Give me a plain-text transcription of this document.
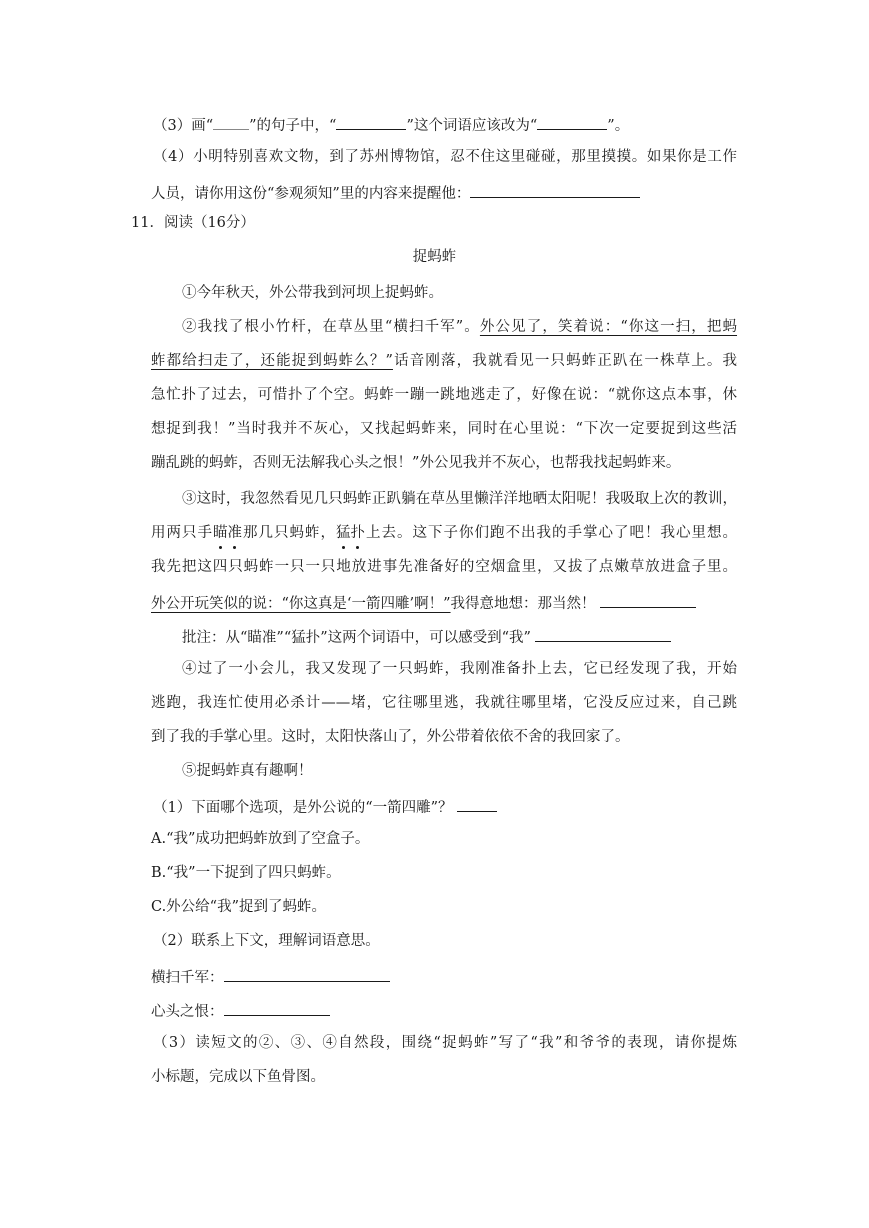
（3）画“ ”的句子中，“	”这个词语应该改为“	”。
（4）小明特别喜欢文物，到了苏州博物馆，忍不住这里碰碰，那里摸摸。如果你是工作
人员，请你用这份“参观须知”里的内容来提醒他：
11．阅读（16分）
捉蚂蚱
①今年秋天，外公带我到河坝上捉蚂蚱。
②我找了根小竹杆，在草丛里“横扫千军”。外公见了，笑着说：“你这一扫，把蚂
蚱都给扫走了，还能捉到蚂蚱么？”话音刚落，我就看见一只蚂蚱正趴在一株草上。我
急忙扑了过去，可惜扑了个空。蚂蚱一蹦一跳地逃走了，好像在说：“就你这点本事，休
想捉到我！”当时我并不灰心，又找起蚂蚱来，同时在心里说：“下次一定要捉到这些活
蹦乱跳的蚂蚱，否则无法解我心头之恨！”外公见我并不灰心，也帮我找起蚂蚱来。
③这时，我忽然看见几只蚂蚱正趴躺在草丛里懒洋洋地晒太阳呢！我吸取上次的教训，
用两只手瞄准那几只蚂蚱，猛扑上去。这下子你们跑不出我的手掌心了吧！我心里想。
我先把这四只蚂蚱一只一只地放进事先准备好的空烟盒里，又拔了点嫩草放进盒子里。
外公开玩笑似的说：“你这真是‘一箭四雕’啊！”我得意地想：那当然！
批注：从“瞄准”“猛扑”这两个词语中，可以感受到“我”
④过了一小会儿，我又发现了一只蚂蚱，我刚准备扑上去，它已经发现了我，开始
逃跑，我连忙使用必杀计——堵，它往哪里逃，我就往哪里堵，它没反应过来，自己跳
到了我的手掌心里。这时，太阳快落山了，外公带着依依不舍的我回家了。
⑤捉蚂蚱真有趣啊！
（1）下面哪个选项，是外公说的“一箭四雕”？
A.“我”成功把蚂蚱放到了空盒子。
B.“我”一下捉到了四只蚂蚱。
C.外公给“我”捉到了蚂蚱。
（2）联系上下文，理解词语意思。
横扫千军：
心头之恨：
（3）读短文的②、③、④自然段，围绕“捉蚂蚱”写了“我”和爷爷的表现，请你提炼
小标题，完成以下鱼骨图。
